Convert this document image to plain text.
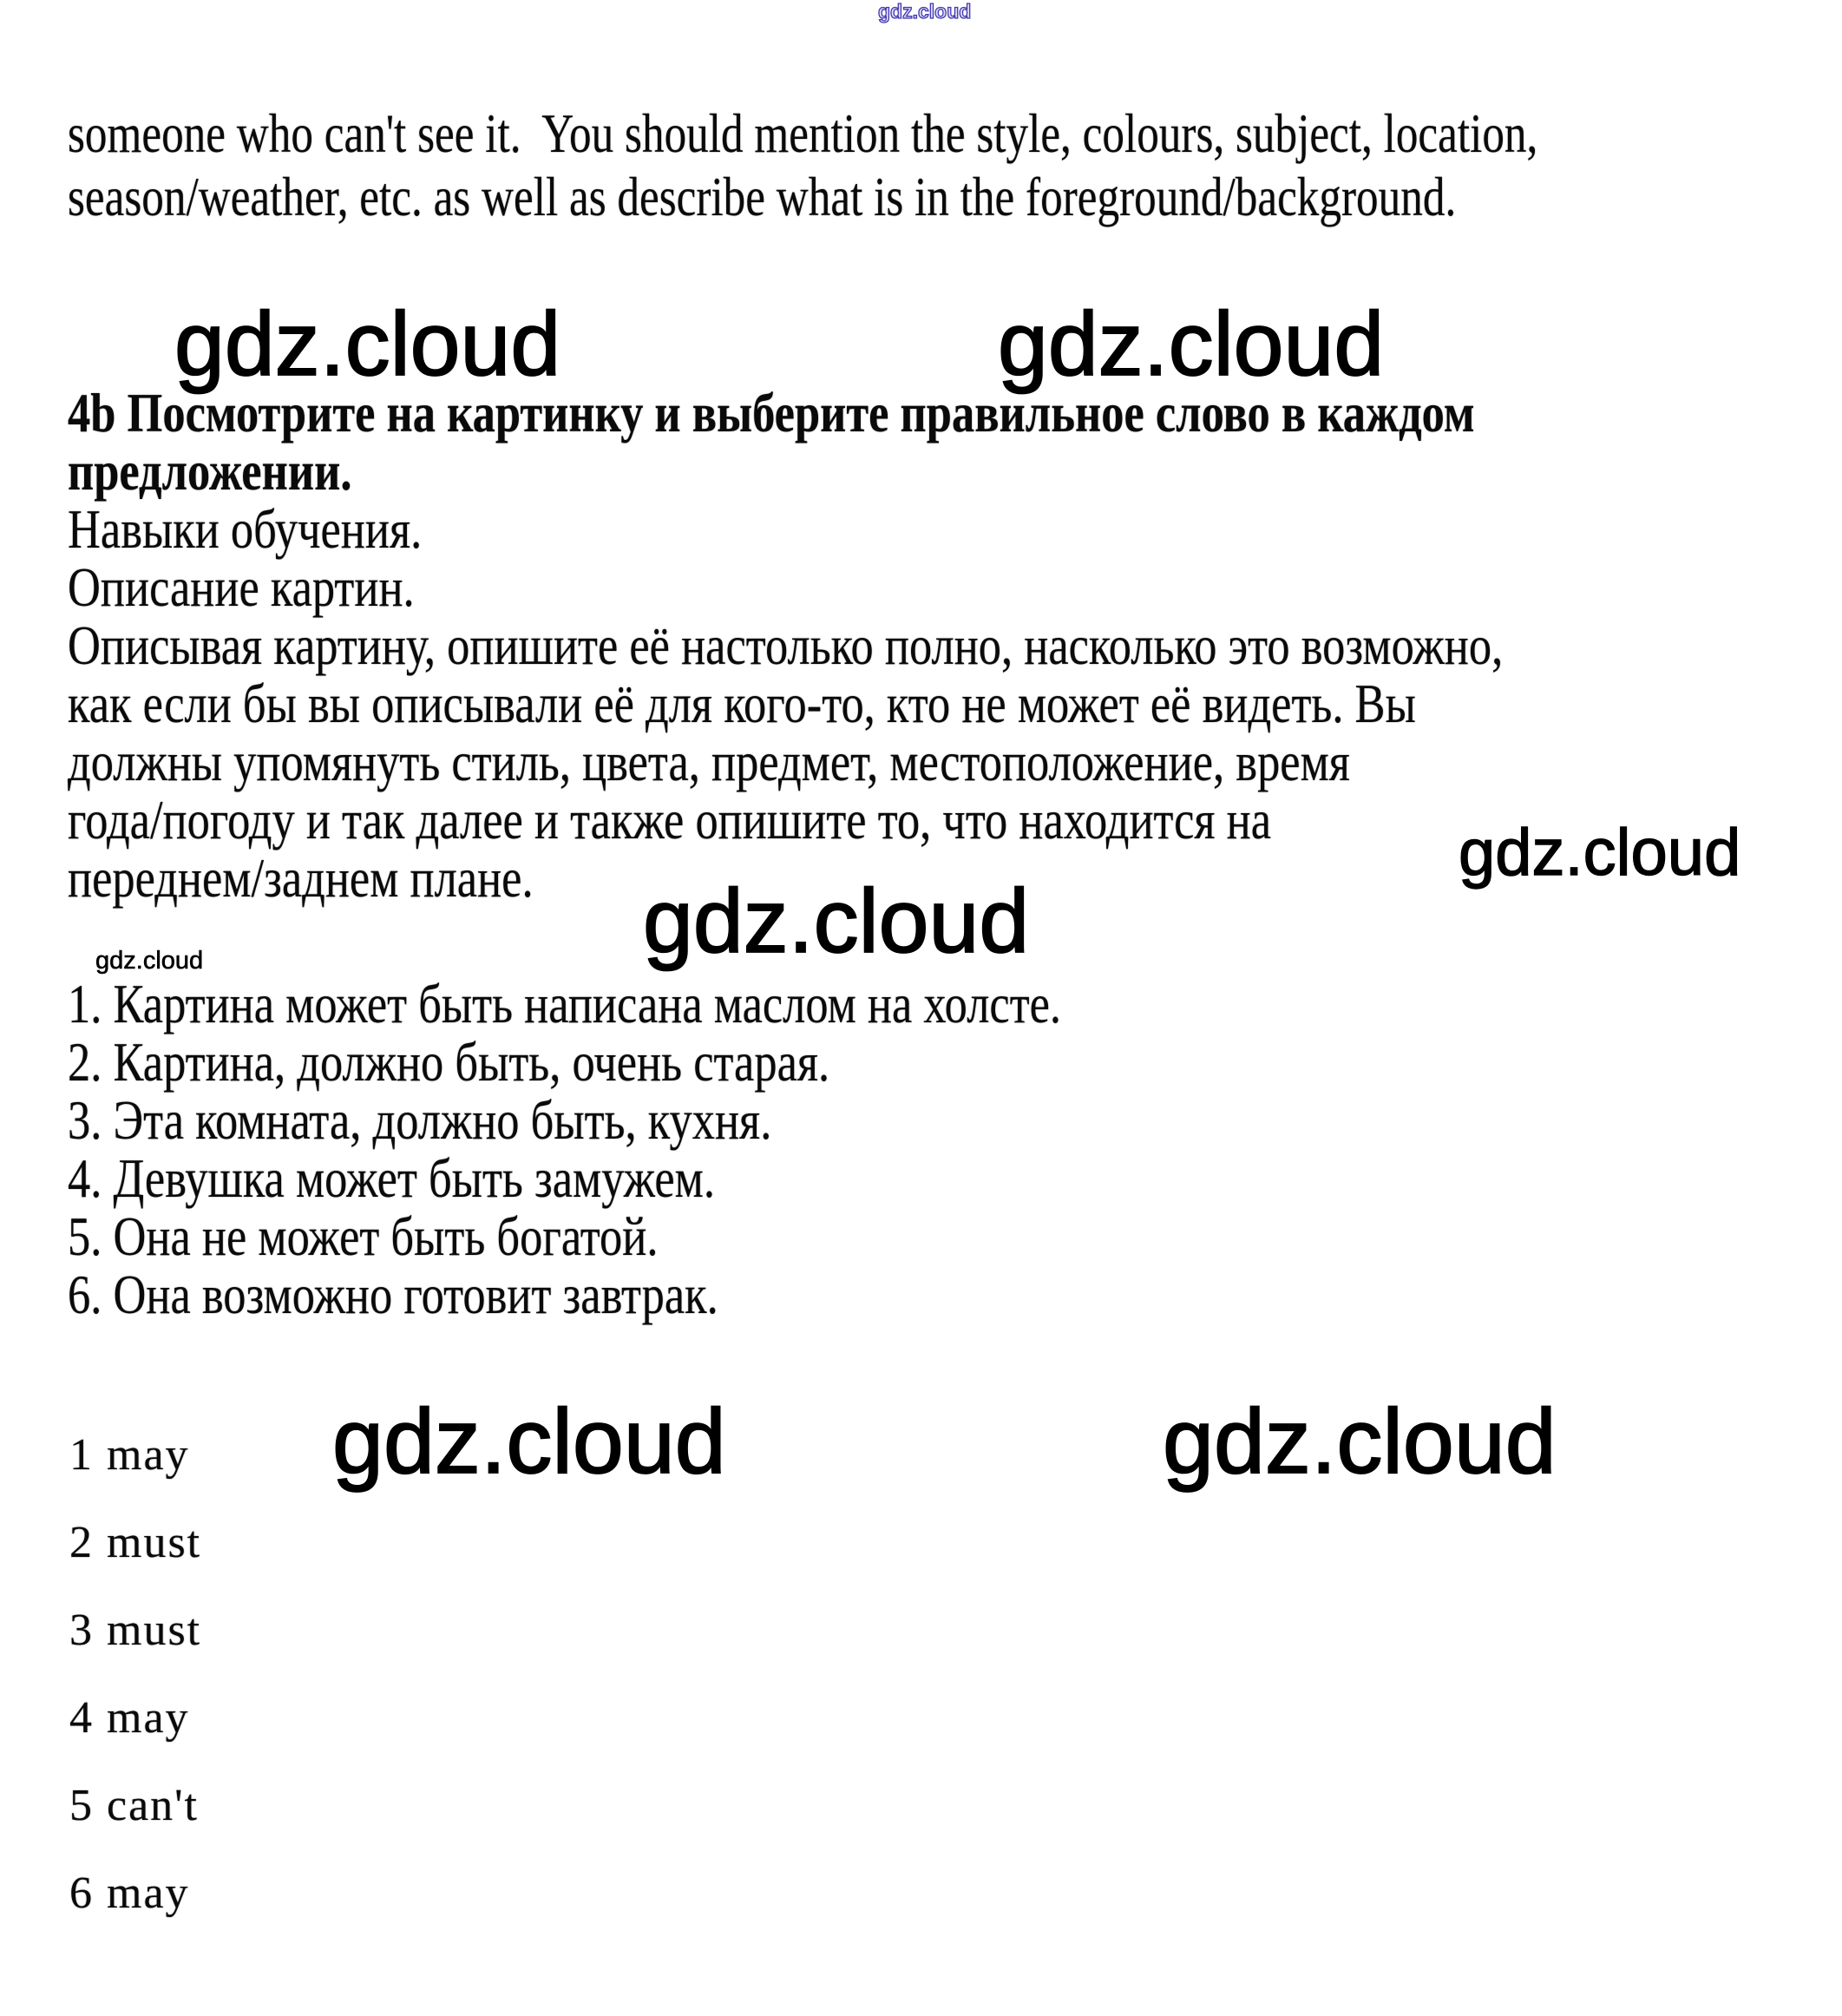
gdz.cloud
someone who can't see it.  You should mention the style, colours, subject, location,
season/weather, etc. as well as describe what is in the foreground/background.
gdz.cloud	gdz.cloud
4b Посмотрите на картинку и выберите правильное слово в каждом
предложении.
Навыки обучения.
Описание картин.
Описывая картину, опишите её настолько полно, насколько это возможно,
как если бы вы описывали её для кого-то, кто не может её видеть. Вы
должны упомянуть стиль, цвета, предмет, местоположение, время
года/погоду и так далее и также опишите то, что находится на
переднем/заднем плане.	gdz.cloud
gdz.cloud
gdz.cloud
1. Картина может быть написана маслом на холсте.
2. Картина, должно быть, очень старая.
3. Эта комната, должно быть, кухня.
4. Девушка может быть замужем.
5. Она не может быть богатой.
6. Она возможно готовит завтрак.
gdz.cloud	gdz.cloud
1 may
2 must
3 must
4 may
5 can't
6 may
